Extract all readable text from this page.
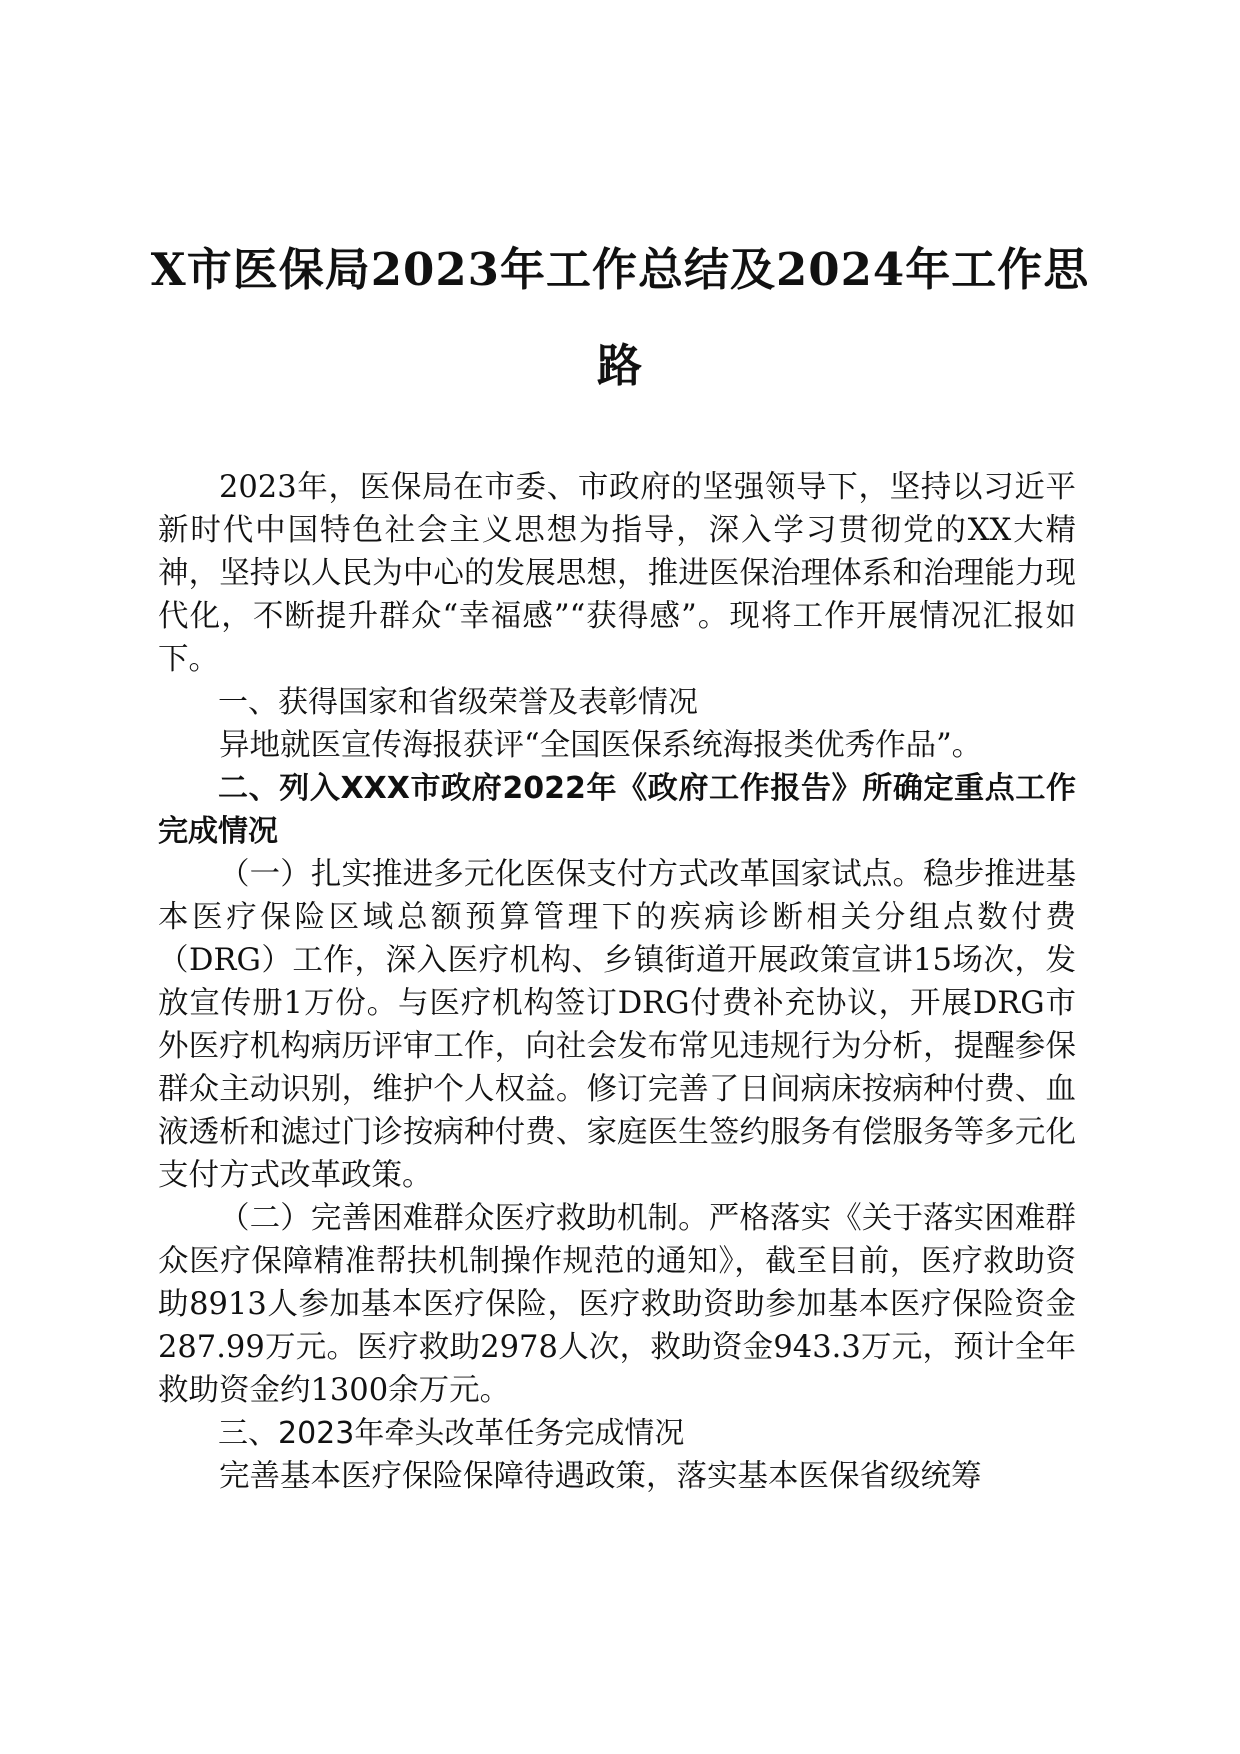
X市医保局2023年工作总结及2024年工作思路

2023年，医保局在市委、市政府的坚强领导下，坚持以习近平新时代中国特色社会主义思想为指导，深入学习贯彻党的XX大精神，坚持以人民为中心的发展思想，推进医保治理体系和治理能力现代化，不断提升群众“幸福感”“获得感”。现将工作开展情况汇报如下。

一、获得国家和省级荣誉及表彰情况

异地就医宣传海报获评“全国医保系统海报类优秀作品”。

二、列入XXX市政府2022年《政府工作报告》所确定重点工作完成情况

（一）扎实推进多元化医保支付方式改革国家试点。稳步推进基本医疗保险区域总额预算管理下的疾病诊断相关分组点数付费（DRG）工作，深入医疗机构、乡镇街道开展政策宣讲15场次，发放宣传册1万份。与医疗机构签订DRG付费补充协议，开展DRG市外医疗机构病历评审工作，向社会发布常见违规行为分析，提醒参保群众主动识别，维护个人权益。修订完善了日间病床按病种付费、血液透析和滤过门诊按病种付费、家庭医生签约服务有偿服务等多元化支付方式改革政策。

（二）完善困难群众医疗救助机制。严格落实《关于落实困难群众医疗保障精准帮扶机制操作规范的通知》，截至目前，医疗救助资助8913人参加基本医疗保险，医疗救助资助参加基本医疗保险资金287.99万元。医疗救助2978人次，救助资金943.3万元，预计全年救助资金约1300余万元。

三、2023年牵头改革任务完成情况

完善基本医疗保险保障待遇政策，落实基本医保省级统筹
